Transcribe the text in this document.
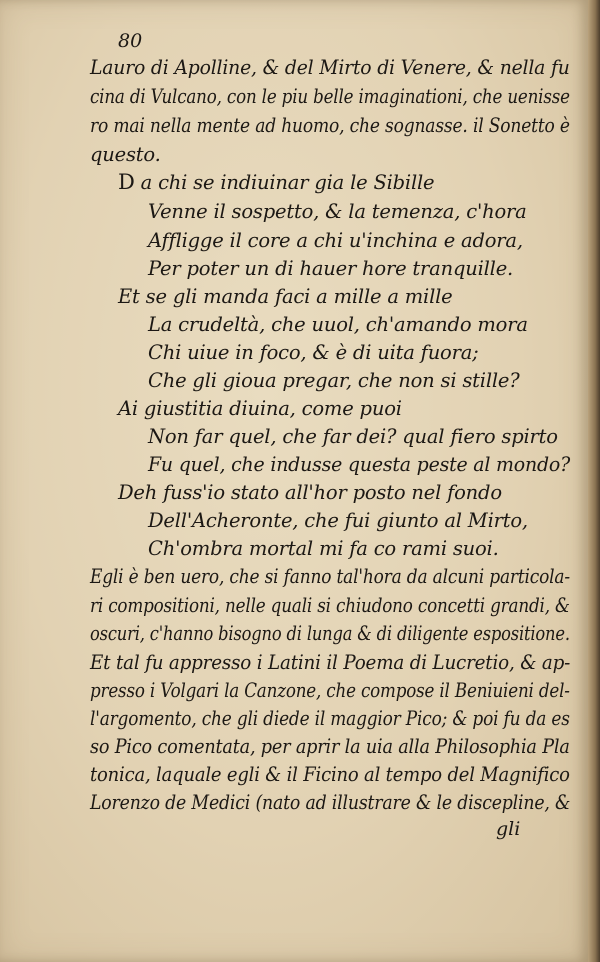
80
Lauro di Apolline, & del Mirto di Venere, & nella fu
cina di Vulcano, con le piu belle imaginationi, che uenisse
ro mai nella mente ad huomo, che sognasse. il Sonetto è
questo.
D a chi se indiuinar gia le Sibille
Venne il sospetto, & la temenza, c'hora
Affligge il core a chi u'inchina e adora,
Per poter un di hauer hore tranquille.
Et se gli manda faci a mille a mille
La crudeltà, che uuol, ch'amando mora
Chi uiue in foco, & è di uita fuora;
Che gli gioua pregar, che non si stille?
Ai giustitia diuina, come puoi
Non far quel, che far dei? qual fiero spirto
Fu quel, che indusse questa peste al mondo?
Deh fuss'io stato all'hor posto nel fondo
Dell'Acheronte, che fui giunto al Mirto,
Ch'ombra mortal mi fa co rami suoi.
Egli è ben uero, che si fanno tal'hora da alcuni particola-
ri compositioni, nelle quali si chiudono concetti grandi, &
oscuri, c'hanno bisogno di lunga & di diligente espositione.
Et tal fu appresso i Latini il Poema di Lucretio, & ap-
presso i Volgari la Canzone, che compose il Beniuieni del-
l'argomento, che gli diede il maggior Pico; & poi fu da es
so Pico comentata, per aprir la uia alla Philosophia Pla
tonica, laquale egli & il Ficino al tempo del Magnifico
Lorenzo de Medici (nato ad illustrare & le discepline, &
gli
